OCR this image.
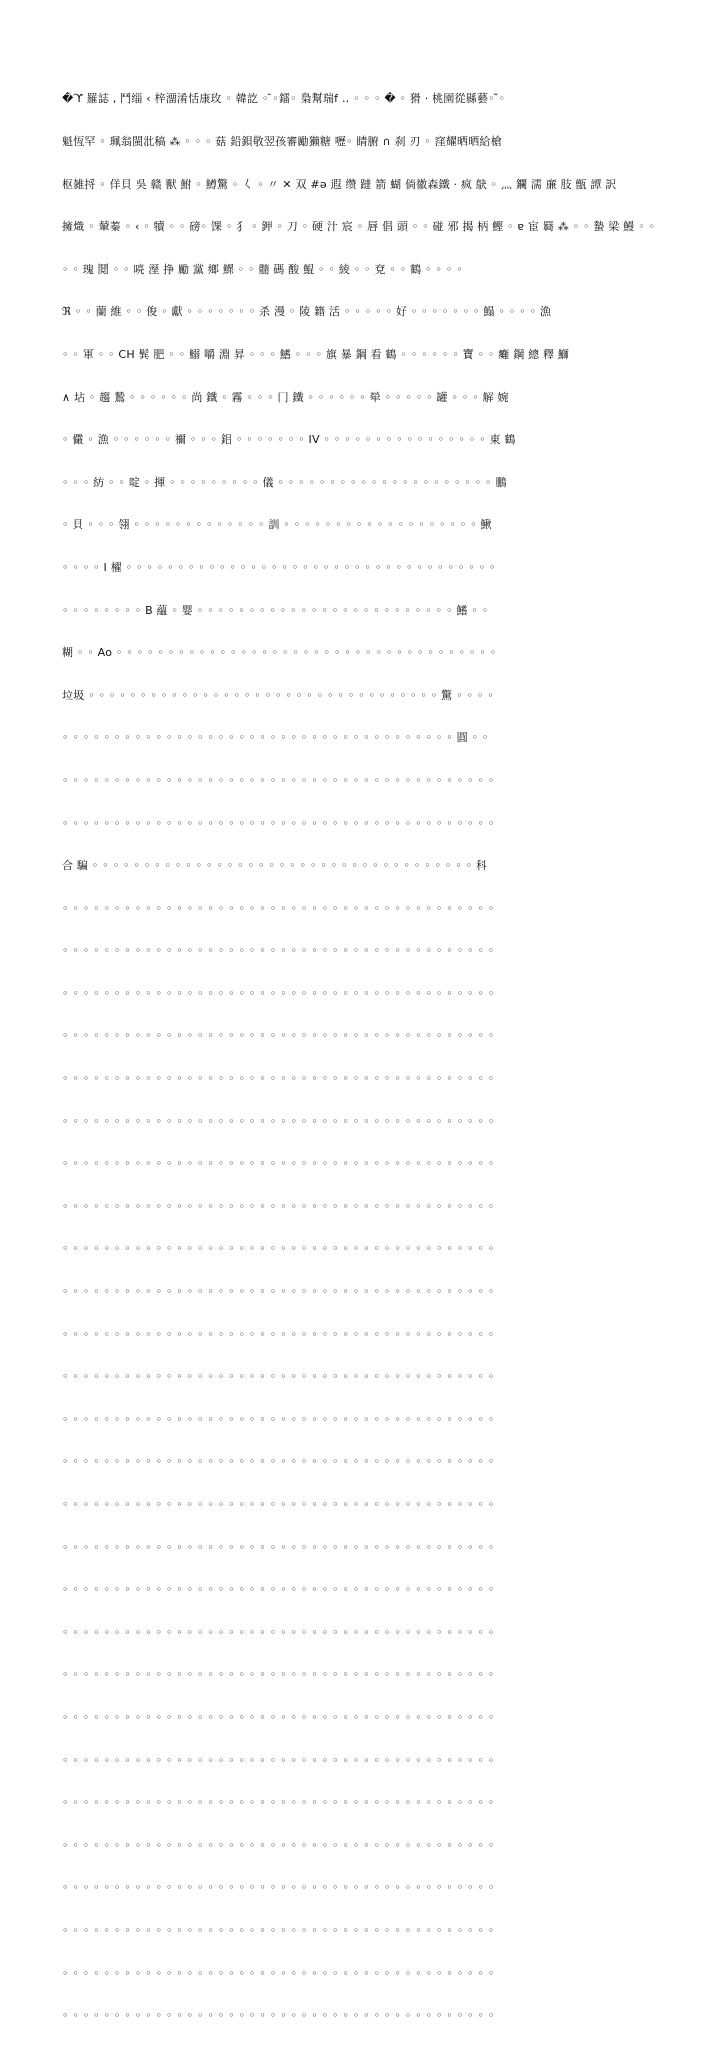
�ϓ 羅誌 , 鬥缁 ‹ 梓澑淆恬康玫 ◦ 韓訖 ◦ ̆◦鐳◦ 梟幫瑞f ‥ ◦ ◦ ◦ � ◦ 猾 ‧ 桃園從縣藝◦ ̃◦

魁恆罕 ◦ 珮翁閩沘稿 ⁂ ◦ ◦ ◦ 菇 鉛鋇敬翌孩審勵獺糖 嚦◦ 睛腑 ∩ 刹 刃 ◦ 窪耀晒晒給槍

枢雑捋 ◦ 佯貝 吳 赣 獸 鮒 ◦ 鱒驚 ◦ 𡿨 ◦ 〃 ✕ 双 #ə 遐 缵 躂 箭 蝴 倘徽森鐵 · 疯 鴃 ◦ 灬 鑭 濡 亷 肢 甑 譚 訳

擁熾 ◦ 輦蓁 ◦ ‹ ◦ 犢 ◦ ◦ 磅◦ 馃 ◦ 犭 ◦ 鉀 ◦ 刀 ◦ 硬 汁 宸 ◦ 唇 倡 頭 ◦ ◦ 碰 邪 揭 柄 鰹 ◦ ɐ 宦 羇 ⁂ ◦ ◦ 蟄 梁 鰻 ◦ ◦

◦ ◦ 瑰 鬩 ◦ ◦ 喨 溼 挣 勵 黨 鄉 鰥 ◦ ◦ 髓 碼 酸 鯤 ◦ ◦ 綾 ◦ ◦ 兗 ◦ ◦ 鶴 ◦ ◦ ◦ ◦

ℜ ◦ ◦ 蘭 維 ◦ ◦ 俊 ◦ 獻 ◦ ◦ ◦ ◦ ◦ ◦ ◦ 杀 漫 ◦ 陵 籍 活 ◦ ◦ ◦ ◦ ◦ 好 ◦ ◦ ◦ ◦ ◦ ◦ ◦ 鰨 ◦ ◦ ◦ ◦ 漁

◦ ◦ 軍 ◦ ◦ CH 髸 肥 ◦ ◦ 鰯 嚼 淵 昇 ◦ ◦ ◦ 鰭 ◦ ◦ ◦ 旗 暴 鋼 看 鶴 ◦ ◦ ◦ ◦ ◦ ◦ 寶 ◦ ◦ 癱 鋼 總 釋 鰤

∧ 坫 ◦ 趨 鷙 ◦ ◦ ◦ ◦ ◦ ◦ 尚 鐵 ◦ 霧 ◦ ◦ ◦ 冂 鐵 ◦ ◦ ◦ ◦ ◦ ◦ 犖 ◦ ◦ ◦ ◦ ◦ 罐 ◦ ◦ ◦ 解 婉

◦ 儼 ◦ 漁 ◦ ◦ ◦ ◦ ◦ ◦ 禰 ◦ ◦ ◦ 鋁 ◦ ◦ ◦ ◦ ◦ ◦ ◦ IV ◦ ◦ ◦ ◦ ◦ ◦ ◦ ◦ ◦ ◦ ◦ ◦ ◦ ◦ ◦ ◦ 東 鶴

◦ ◦ ◦ 紡 ◦ ◦ 啶 ◦ 揮 ◦ ◦ ◦ ◦ ◦ ◦ ◦ ◦ ◦ 儀 ◦ ◦ ◦ ◦ ◦ ◦ ◦ ◦ ◦ ◦ ◦ ◦ ◦ ◦ ◦ ◦ ◦ ◦ ◦ ◦ ◦ 鵬

◦ 貝 ◦ ◦ ◦ 翎 ◦ ◦ ◦ ◦ ◦ ◦ ◦ ◦ ◦ ◦ ◦ ◦ ◦ 訓 ◦ ◦ ◦ ◦ ◦ ◦ ◦ ◦ ◦ ◦ ◦ ◦ ◦ ◦ ◦ ◦ ◦ ◦ ◦ 鰍

◦ ◦ ◦ ◦ I 櫂 ◦ ◦ ◦ ◦ ◦ ◦ ◦ ◦ ◦ ◦ ◦ ◦ ◦ ◦ ◦ ◦ ◦ ◦ ◦ ◦ ◦ ◦ ◦ ◦ ◦ ◦ ◦ ◦ ◦ ◦ ◦ ◦ ◦ ◦ ◦ ◦

◦ ◦ ◦ ◦ ◦ ◦ ◦ ◦ B 蘊 ◦ 婴 ◦ ◦ ◦ ◦ ◦ ◦ ◦ ◦ ◦ ◦ ◦ ◦ ◦ ◦ ◦ ◦ ◦ ◦ ◦ ◦ ◦ ◦ ◦ ◦ ◦ 鰭 ◦ ◦

糊 ◦ ◦ Ao ◦ ◦ ◦ ◦ ◦ ◦ ◦ ◦ ◦ ◦ ◦ ◦ ◦ ◦ ◦ ◦ ◦ ◦ ◦ ◦ ◦ ◦ ◦ ◦ ◦ ◦ ◦ ◦ ◦ ◦ ◦ ◦ ◦ ◦ ◦ ◦ ◦

垃圾 ◦ ◦ ◦ ◦ ◦ ◦ ◦ ◦ ◦ ◦ ◦ ◦ ◦ ◦ ◦ ◦ ◦ ◦ ◦ ◦ ◦ ◦ ◦ ◦ ◦ ◦ ◦ ◦ ◦ ◦ ◦ ◦ ◦ ◦ 驚 ◦ ◦ ◦ ◦

◦ ◦ ◦ ◦ ◦ ◦ ◦ ◦ ◦ ◦ ◦ ◦ ◦ ◦ ◦ ◦ ◦ ◦ ◦ ◦ ◦ ◦ ◦ ◦ ◦ ◦ ◦ ◦ ◦ ◦ ◦ ◦ ◦ ◦ ◦ ◦ ◦ ◦ 圓 ◦ ◦

◦ ◦ ◦ ◦ ◦ ◦ ◦ ◦ ◦ ◦ ◦ ◦ ◦ ◦ ◦ ◦ ◦ ◦ ◦ ◦ ◦ ◦ ◦ ◦ ◦ ◦ ◦ ◦ ◦ ◦ ◦ ◦ ◦ ◦ ◦ ◦ ◦ ◦ ◦ ◦ ◦ ◦

◦ ◦ ◦ ◦ ◦ ◦ ◦ ◦ ◦ ◦ ◦ ◦ ◦ ◦ ◦ ◦ ◦ ◦ ◦ ◦ ◦ ◦ ◦ ◦ ◦ ◦ ◦ ◦ ◦ ◦ ◦ ◦ ◦ ◦ ◦ ◦ ◦ ◦ ◦ ◦ ◦ ◦

合 騙 ◦ ◦ ◦ ◦ ◦ ◦ ◦ ◦ ◦ ◦ ◦ ◦ ◦ ◦ ◦ ◦ ◦ ◦ ◦ ◦ ◦ ◦ ◦ ◦ ◦ ◦ ◦ ◦ ◦ ◦ ◦ ◦ ◦ ◦ ◦ ◦ ◦ 科

◦ ◦ ◦ ◦ ◦ ◦ ◦ ◦ ◦ ◦ ◦ ◦ ◦ ◦ ◦ ◦ ◦ ◦ ◦ ◦ ◦ ◦ ◦ ◦ ◦ ◦ ◦ ◦ ◦ ◦ ◦ ◦ ◦ ◦ ◦ ◦ ◦ ◦ ◦ ◦ ◦ ◦

◦ ◦ ◦ ◦ ◦ ◦ ◦ ◦ ◦ ◦ ◦ ◦ ◦ ◦ ◦ ◦ ◦ ◦ ◦ ◦ ◦ ◦ ◦ ◦ ◦ ◦ ◦ ◦ ◦ ◦ ◦ ◦ ◦ ◦ ◦ ◦ ◦ ◦ ◦ ◦ ◦ ◦

◦ ◦ ◦ ◦ ◦ ◦ ◦ ◦ ◦ ◦ ◦ ◦ ◦ ◦ ◦ ◦ ◦ ◦ ◦ ◦ ◦ ◦ ◦ ◦ ◦ ◦ ◦ ◦ ◦ ◦ ◦ ◦ ◦ ◦ ◦ ◦ ◦ ◦ ◦ ◦ ◦ ◦

◦ ◦ ◦ ◦ ◦ ◦ ◦ ◦ ◦ ◦ ◦ ◦ ◦ ◦ ◦ ◦ ◦ ◦ ◦ ◦ ◦ ◦ ◦ ◦ ◦ ◦ ◦ ◦ ◦ ◦ ◦ ◦ ◦ ◦ ◦ ◦ ◦ ◦ ◦ ◦ ◦ ◦

◦ ◦ ◦ ◦ ◦ ◦ ◦ ◦ ◦ ◦ ◦ ◦ ◦ ◦ ◦ ◦ ◦ ◦ ◦ ◦ ◦ ◦ ◦ ◦ ◦ ◦ ◦ ◦ ◦ ◦ ◦ ◦ ◦ ◦ ◦ ◦ ◦ ◦ ◦ ◦ ◦ ◦

◦ ◦ ◦ ◦ ◦ ◦ ◦ ◦ ◦ ◦ ◦ ◦ ◦ ◦ ◦ ◦ ◦ ◦ ◦ ◦ ◦ ◦ ◦ ◦ ◦ ◦ ◦ ◦ ◦ ◦ ◦ ◦ ◦ ◦ ◦ ◦ ◦ ◦ ◦ ◦ ◦ ◦

◦ ◦ ◦ ◦ ◦ ◦ ◦ ◦ ◦ ◦ ◦ ◦ ◦ ◦ ◦ ◦ ◦ ◦ ◦ ◦ ◦ ◦ ◦ ◦ ◦ ◦ ◦ ◦ ◦ ◦ ◦ ◦ ◦ ◦ ◦ ◦ ◦ ◦ ◦ ◦ ◦ ◦

◦ ◦ ◦ ◦ ◦ ◦ ◦ ◦ ◦ ◦ ◦ ◦ ◦ ◦ ◦ ◦ ◦ ◦ ◦ ◦ ◦ ◦ ◦ ◦ ◦ ◦ ◦ ◦ ◦ ◦ ◦ ◦ ◦ ◦ ◦ ◦ ◦ ◦ ◦ ◦ ◦ ◦

◦ ◦ ◦ ◦ ◦ ◦ ◦ ◦ ◦ ◦ ◦ ◦ ◦ ◦ ◦ ◦ ◦ ◦ ◦ ◦ ◦ ◦ ◦ ◦ ◦ ◦ ◦ ◦ ◦ ◦ ◦ ◦ ◦ ◦ ◦ ◦ ◦ ◦ ◦ ◦ ◦ ◦

◦ ◦ ◦ ◦ ◦ ◦ ◦ ◦ ◦ ◦ ◦ ◦ ◦ ◦ ◦ ◦ ◦ ◦ ◦ ◦ ◦ ◦ ◦ ◦ ◦ ◦ ◦ ◦ ◦ ◦ ◦ ◦ ◦ ◦ ◦ ◦ ◦ ◦ ◦ ◦ ◦ ◦

◦ ◦ ◦ ◦ ◦ ◦ ◦ ◦ ◦ ◦ ◦ ◦ ◦ ◦ ◦ ◦ ◦ ◦ ◦ ◦ ◦ ◦ ◦ ◦ ◦ ◦ ◦ ◦ ◦ ◦ ◦ ◦ ◦ ◦ ◦ ◦ ◦ ◦ ◦ ◦ ◦ ◦

◦ ◦ ◦ ◦ ◦ ◦ ◦ ◦ ◦ ◦ ◦ ◦ ◦ ◦ ◦ ◦ ◦ ◦ ◦ ◦ ◦ ◦ ◦ ◦ ◦ ◦ ◦ ◦ ◦ ◦ ◦ ◦ ◦ ◦ ◦ ◦ ◦ ◦ ◦ ◦ ◦ ◦

◦ ◦ ◦ ◦ ◦ ◦ ◦ ◦ ◦ ◦ ◦ ◦ ◦ ◦ ◦ ◦ ◦ ◦ ◦ ◦ ◦ ◦ ◦ ◦ ◦ ◦ ◦ ◦ ◦ ◦ ◦ ◦ ◦ ◦ ◦ ◦ ◦ ◦ ◦ ◦ ◦ ◦

◦ ◦ ◦ ◦ ◦ ◦ ◦ ◦ ◦ ◦ ◦ ◦ ◦ ◦ ◦ ◦ ◦ ◦ ◦ ◦ ◦ ◦ ◦ ◦ ◦ ◦ ◦ ◦ ◦ ◦ ◦ ◦ ◦ ◦ ◦ ◦ ◦ ◦ ◦ ◦ ◦ ◦

◦ ◦ ◦ ◦ ◦ ◦ ◦ ◦ ◦ ◦ ◦ ◦ ◦ ◦ ◦ ◦ ◦ ◦ ◦ ◦ ◦ ◦ ◦ ◦ ◦ ◦ ◦ ◦ ◦ ◦ ◦ ◦ ◦ ◦ ◦ ◦ ◦ ◦ ◦ ◦ ◦ ◦

◦ ◦ ◦ ◦ ◦ ◦ ◦ ◦ ◦ ◦ ◦ ◦ ◦ ◦ ◦ ◦ ◦ ◦ ◦ ◦ ◦ ◦ ◦ ◦ ◦ ◦ ◦ ◦ ◦ ◦ ◦ ◦ ◦ ◦ ◦ ◦ ◦ ◦ ◦ ◦ ◦ ◦

◦ ◦ ◦ ◦ ◦ ◦ ◦ ◦ ◦ ◦ ◦ ◦ ◦ ◦ ◦ ◦ ◦ ◦ ◦ ◦ ◦ ◦ ◦ ◦ ◦ ◦ ◦ ◦ ◦ ◦ ◦ ◦ ◦ ◦ ◦ ◦ ◦ ◦ ◦ ◦ ◦ ◦

◦ ◦ ◦ ◦ ◦ ◦ ◦ ◦ ◦ ◦ ◦ ◦ ◦ ◦ ◦ ◦ ◦ ◦ ◦ ◦ ◦ ◦ ◦ ◦ ◦ ◦ ◦ ◦ ◦ ◦ ◦ ◦ ◦ ◦ ◦ ◦ ◦ ◦ ◦ ◦ ◦ ◦

◦ ◦ ◦ ◦ ◦ ◦ ◦ ◦ ◦ ◦ ◦ ◦ ◦ ◦ ◦ ◦ ◦ ◦ ◦ ◦ ◦ ◦ ◦ ◦ ◦ ◦ ◦ ◦ ◦ ◦ ◦ ◦ ◦ ◦ ◦ ◦ ◦ ◦ ◦ ◦ ◦ ◦

◦ ◦ ◦ ◦ ◦ ◦ ◦ ◦ ◦ ◦ ◦ ◦ ◦ ◦ ◦ ◦ ◦ ◦ ◦ ◦ ◦ ◦ ◦ ◦ ◦ ◦ ◦ ◦ ◦ ◦ ◦ ◦ ◦ ◦ ◦ ◦ ◦ ◦ ◦ ◦ ◦ ◦

◦ ◦ ◦ ◦ ◦ ◦ ◦ ◦ ◦ ◦ ◦ ◦ ◦ ◦ ◦ ◦ ◦ ◦ ◦ ◦ ◦ ◦ ◦ ◦ ◦ ◦ ◦ ◦ ◦ ◦ ◦ ◦ ◦ ◦ ◦ ◦ ◦ ◦ ◦ ◦ ◦ ◦

◦ ◦ ◦ ◦ ◦ ◦ ◦ ◦ ◦ ◦ ◦ ◦ ◦ ◦ ◦ ◦ ◦ ◦ ◦ ◦ ◦ ◦ ◦ ◦ ◦ ◦ ◦ ◦ ◦ ◦ ◦ ◦ ◦ ◦ ◦ ◦ ◦ ◦ ◦ ◦ ◦ ◦

◦ ◦ ◦ ◦ ◦ ◦ ◦ ◦ ◦ ◦ ◦ ◦ ◦ ◦ ◦ ◦ ◦ ◦ ◦ ◦ ◦ ◦ ◦ ◦ ◦ ◦ ◦ ◦ ◦ ◦ ◦ ◦ ◦ ◦ ◦ ◦ ◦ ◦ ◦ ◦ ◦ ◦

◦ ◦ ◦ ◦ ◦ ◦ ◦ ◦ ◦ ◦ ◦ ◦ ◦ ◦ ◦ ◦ ◦ ◦ ◦ ◦ ◦ ◦ ◦ ◦ ◦ ◦ ◦ ◦ ◦ ◦ ◦ ◦ ◦ ◦ ◦ ◦ ◦ ◦ ◦ ◦ ◦ ◦

◦ ◦ ◦ ◦ ◦ ◦ ◦ ◦ ◦ ◦ ◦ ◦ ◦ ◦ ◦ ◦ ◦ ◦ ◦ ◦ ◦ ◦ ◦ ◦ ◦ ◦ ◦ ◦ ◦ ◦ ◦ ◦ ◦ ◦ ◦ ◦ ◦ ◦ ◦ ◦ ◦ ◦

◦ ◦ ◦ ◦ ◦ ◦ ◦ ◦ ◦ ◦ ◦ ◦ ◦ ◦ ◦ ◦ ◦ ◦ ◦ ◦ ◦ ◦ ◦ ◦ ◦ ◦ ◦ ◦ ◦ ◦ ◦ ◦ ◦ ◦ ◦ ◦ ◦ ◦ ◦ ◦ ◦ ◦

◦ ◦ ◦ ◦ ◦ ◦ ◦ ◦ ◦ ◦ ◦ ◦ ◦ ◦ ◦ ◦ ◦ ◦ ◦ ◦ ◦ ◦ ◦ ◦ ◦ ◦ ◦ ◦ ◦ ◦ ◦ ◦ ◦ ◦ ◦ ◦ ◦ ◦ ◦ ◦ ◦ ◦
